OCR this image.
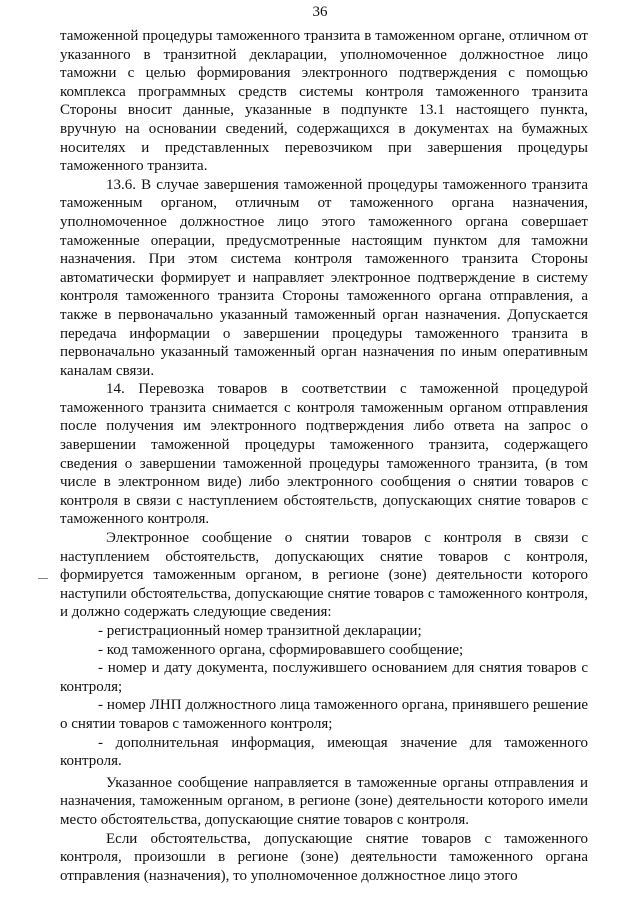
36

таможенной процедуры таможенного транзита в таможенном органе, отличном от указанного в транзитной декларации, уполномоченное должностное лицо таможни с целью формирования электронного подтверждения с помощью комплекса программных средств системы контроля таможенного транзита Стороны вносит данные, указанные в подпункте 13.1 настоящего пункта, вручную на основании сведений, содержащихся в документах на бумажных носителях и представленных перевозчиком при завершения процедуры таможенного транзита.

13.6. В случае завершения таможенной процедуры таможенного транзита таможенным органом, отличным от таможенного органа назначения, уполномоченное должностное лицо этого таможенного органа совершает таможенные операции, предусмотренные настоящим пунктом для таможни назначения. При этом система контроля таможенного транзита Стороны автоматически формирует и направляет электронное подтверждение в систему контроля таможенного транзита Стороны таможенного органа отправления, а также в первоначально указанный таможенный орган назначения. Допускается передача информации о завершении процедуры таможенного транзита в первоначально указанный таможенный орган назначения по иным оперативным каналам связи.

14. Перевозка товаров в соответствии с таможенной процедурой таможенного транзита снимается с контроля таможенным органом отправления после получения им электронного подтверждения либо ответа на запрос о завершении таможенной процедуры таможенного транзита, содержащего сведения о завершении таможенной процедуры таможенного транзита, (в том числе в электронном виде) либо электронного сообщения о снятии товаров с контроля в связи с наступлением обстоятельств, допускающих снятие товаров с таможенного контроля.

Электронное сообщение о снятии товаров с контроля в связи с наступлением обстоятельств, допускающих снятие товаров с контроля, формируется таможенным органом, в регионе (зоне) деятельности которого наступили обстоятельства, допускающие снятие товаров с таможенного контроля, и должно содержать следующие сведения:

- регистрационный номер транзитной декларации;

- код таможенного органа, сформировавшего сообщение;

- номер и дату документа, послужившего основанием для снятия товаров с контроля;

- номер ЛНП должностного лица таможенного органа, принявшего решение о снятии товаров с таможенного контроля;

- дополнительная информация, имеющая значение для таможенного контроля.

Указанное сообщение направляется в таможенные органы отправления и назначения, таможенным органом, в регионе (зоне) деятельности которого имели место обстоятельства, допускающие снятие товаров с контроля.

Если обстоятельства, допускающие снятие товаров с таможенного контроля, произошли в регионе (зоне) деятельности таможенного органа отправления (назначения), то уполномоченное должностное лицо этого
